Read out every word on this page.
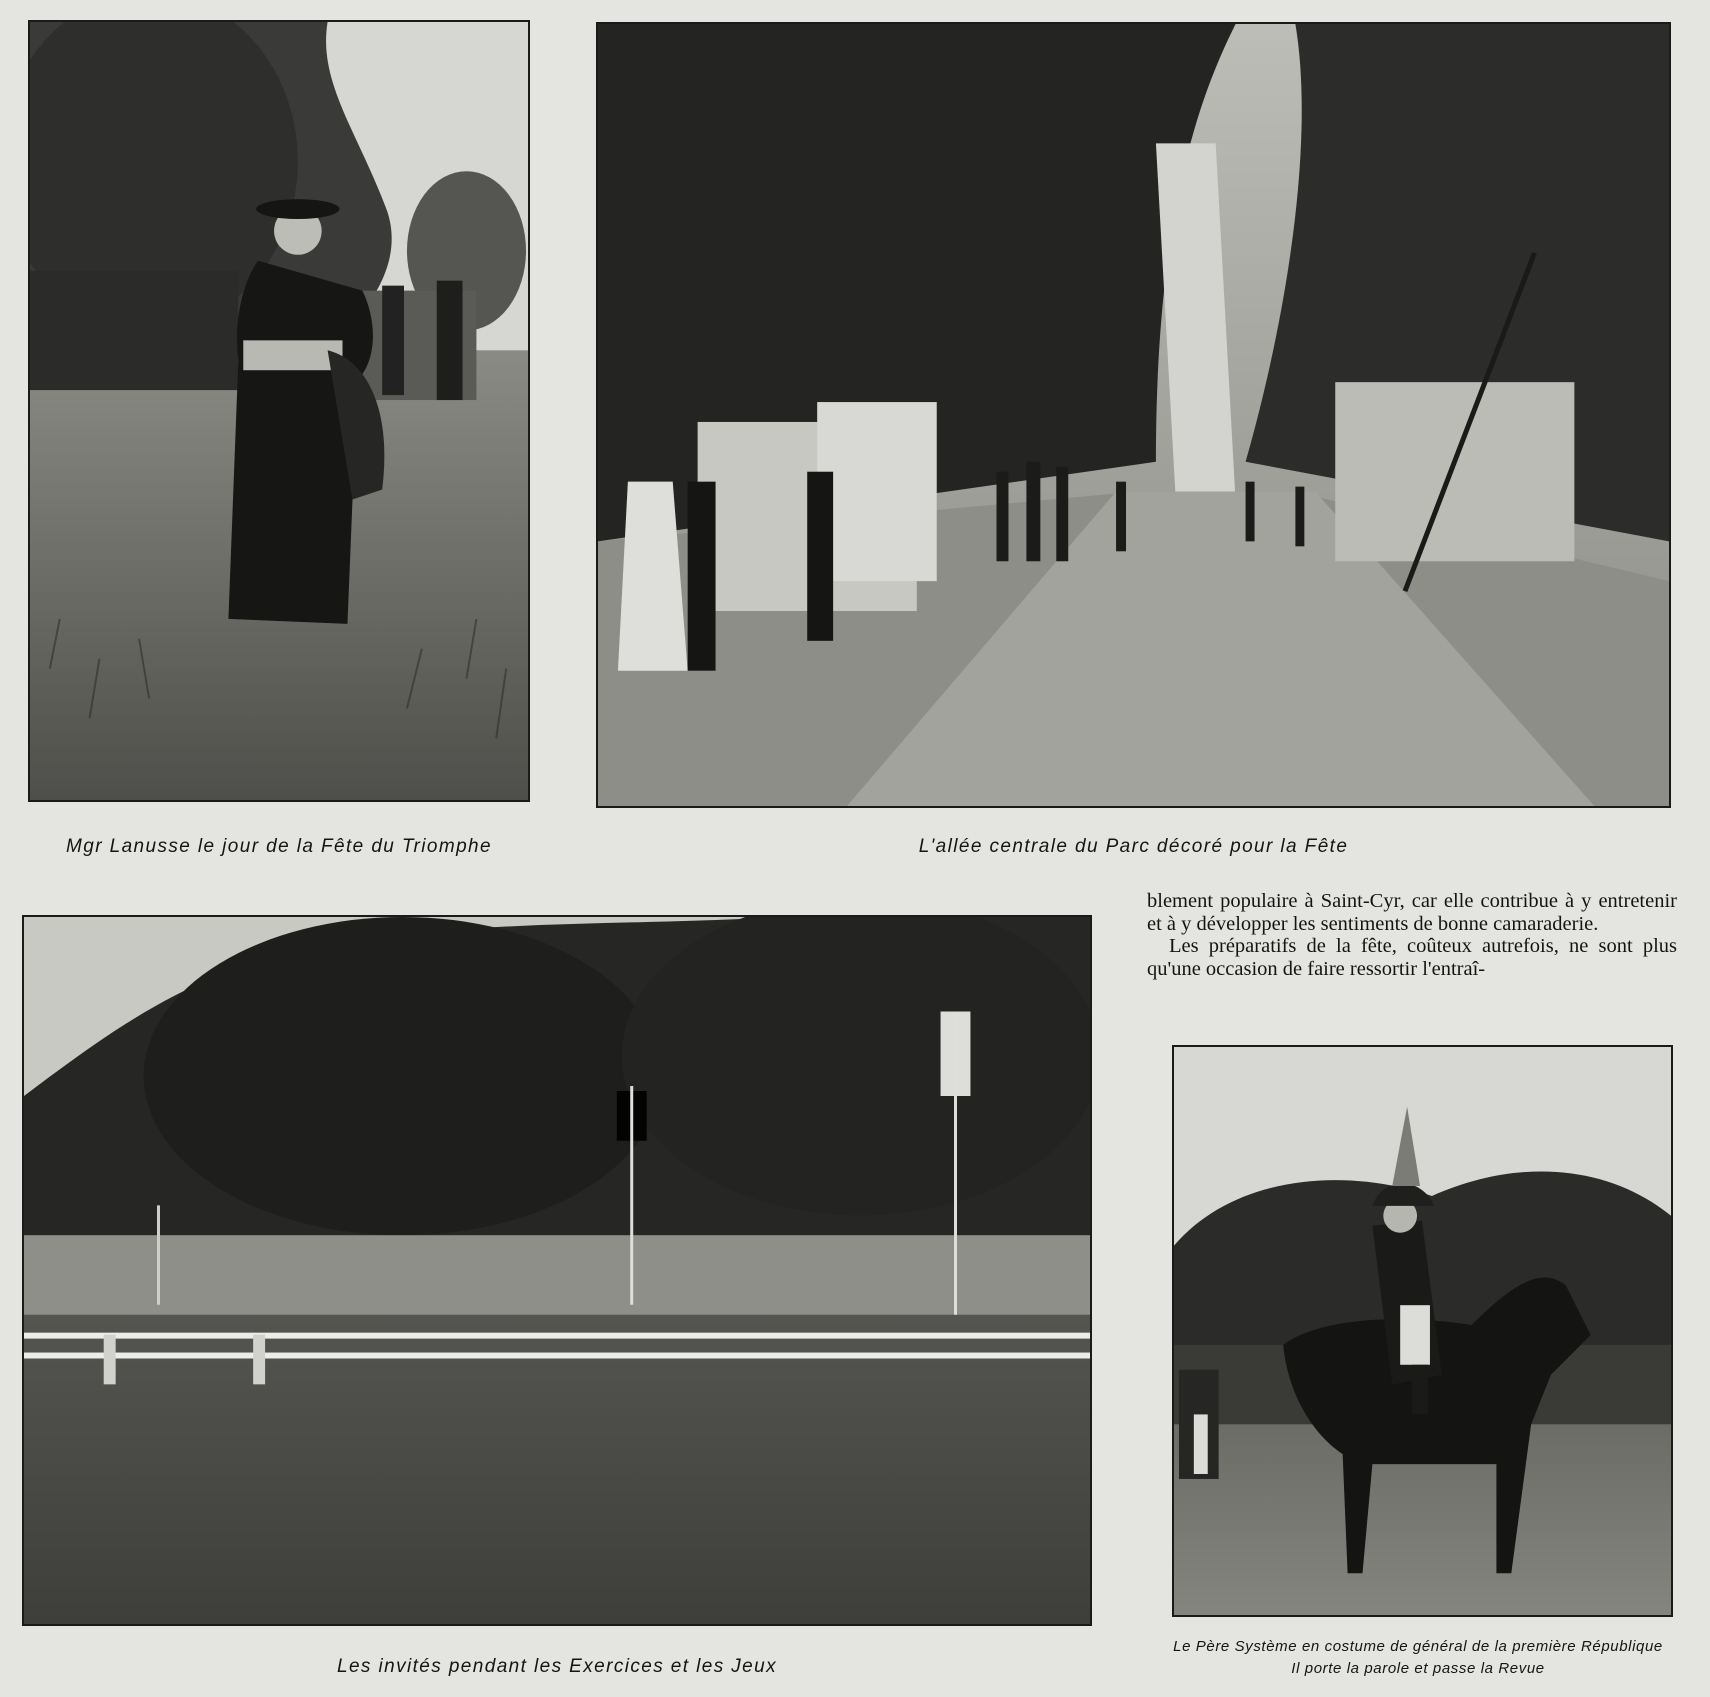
Mgr Lanusse le jour de la Fête du Triomphe	L'allée centrale du Parc décoré pour la Fête

Les invités pendant les Exercices et les Jeux

blement populaire à Saint-Cyr, car elle contribue à y entretenir et à y développer les sentiments de bonne camaraderie.

Les préparatifs de la fête, coûteux autrefois, ne sont plus qu'une occasion de faire ressortir l'entraî-

Le Père Système en costume de général de la première République

Il porte la parole et passe la Revue
